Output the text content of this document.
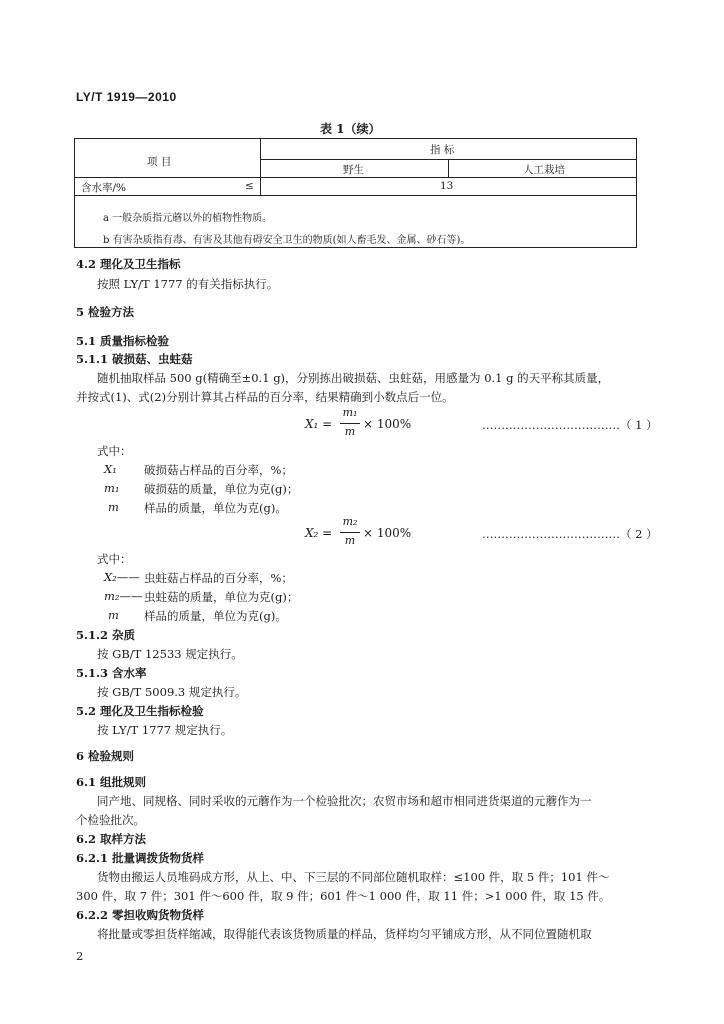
LY/T 1919—2010
表 1（续）
项 目
指 标
野生	人工栽培
含水率/%	≤	13
a 一般杂质指元蘑以外的植物性物质。
b 有害杂质指有毒、有害及其他有碍安全卫生的物质(如人畜毛发、金属、砂石等)。
4.2 理化及卫生指标
按照 LY/T 1777 的有关指标执行。
5 检验方法
5.1 质量指标检验
5.1.1 破损菇、虫蛀菇
随机抽取样品 500 g(精确至±0.1 g)，分别拣出破损菇、虫蛀菇，用感量为 0.1 g 的天平称其质量，
并按式(1)、式(2)分别计算其占样品的百分率，结果精确到小数点后一位。
X₁ =
m₁
m
× 100%	………………………………（ 1 ）
式中：
X₁ 破损菇占样品的百分率，%；
m₁ 破损菇的质量，单位为克(g)；
m 样品的质量，单位为克(g)。
X₂ =
m₂
m
× 100%	………………………………（ 2 ）
式中：
X₂—— 虫蛀菇占样品的百分率，%；
m₂—— 虫蛀菇的质量，单位为克(g)；
m 样品的质量，单位为克(g)。
5.1.2 杂质
按 GB/T 12533 规定执行。
5.1.3 含水率
按 GB/T 5009.3 规定执行。
5.2 理化及卫生指标检验
按 LY/T 1777 规定执行。
6 检验规则
6.1 组批规则
同产地、同规格、同时采收的元蘑作为一个检验批次；农贸市场和超市相同进货渠道的元蘑作为一
个检验批次。
6.2 取样方法
6.2.1 批量调拨货物货样
货物由搬运人员堆码成方形，从上、中、下三层的不同部位随机取样：≤100 件，取 5 件；101 件～
300 件，取 7 件；301 件～600 件，取 9 件；601 件～1 000 件，取 11 件；>1 000 件，取 15 件。
6.2.2 零担收购货物货样
将批量或零担货样缩减，取得能代表该货物质量的样品，货样均匀平铺成方形，从不同位置随机取
2
